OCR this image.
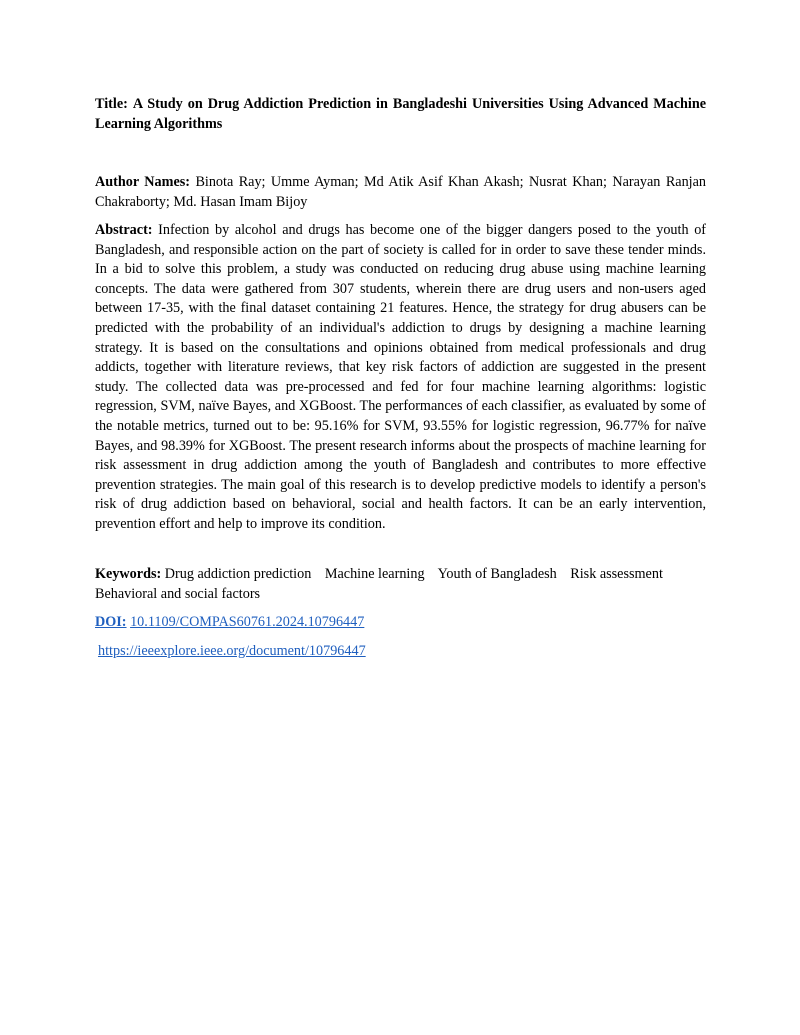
Title: A Study on Drug Addiction Prediction in Bangladeshi Universities Using Advanced Machine Learning Algorithms
Author Names: Binota Ray; Umme Ayman; Md Atik Asif Khan Akash; Nusrat Khan; Narayan Ranjan Chakraborty; Md. Hasan Imam Bijoy
Abstract: Infection by alcohol and drugs has become one of the bigger dangers posed to the youth of Bangladesh, and responsible action on the part of society is called for in order to save these tender minds. In a bid to solve this problem, a study was conducted on reducing drug abuse using machine learning concepts. The data were gathered from 307 students, wherein there are drug users and non-users aged between 17-35, with the final dataset containing 21 features. Hence, the strategy for drug abusers can be predicted with the probability of an individual's addiction to drugs by designing a machine learning strategy. It is based on the consultations and opinions obtained from medical professionals and drug addicts, together with literature reviews, that key risk factors of addiction are suggested in the present study. The collected data was pre-processed and fed for four machine learning algorithms: logistic regression, SVM, naïve Bayes, and XGBoost. The performances of each classifier, as evaluated by some of the notable metrics, turned out to be: 95.16% for SVM, 93.55% for logistic regression, 96.77% for naïve Bayes, and 98.39% for XGBoost. The present research informs about the prospects of machine learning for risk assessment in drug addiction among the youth of Bangladesh and contributes to more effective prevention strategies. The main goal of this research is to develop predictive models to identify a person's risk of drug addiction based on behavioral, social and health factors. It can be an early intervention, prevention effort and help to improve its condition.
Keywords: Drug addiction prediction Machine learning Youth of Bangladesh Risk assessment Behavioral and social factors
DOI: 10.1109/COMPAS60761.2024.10796447
https://ieeexplore.ieee.org/document/10796447
